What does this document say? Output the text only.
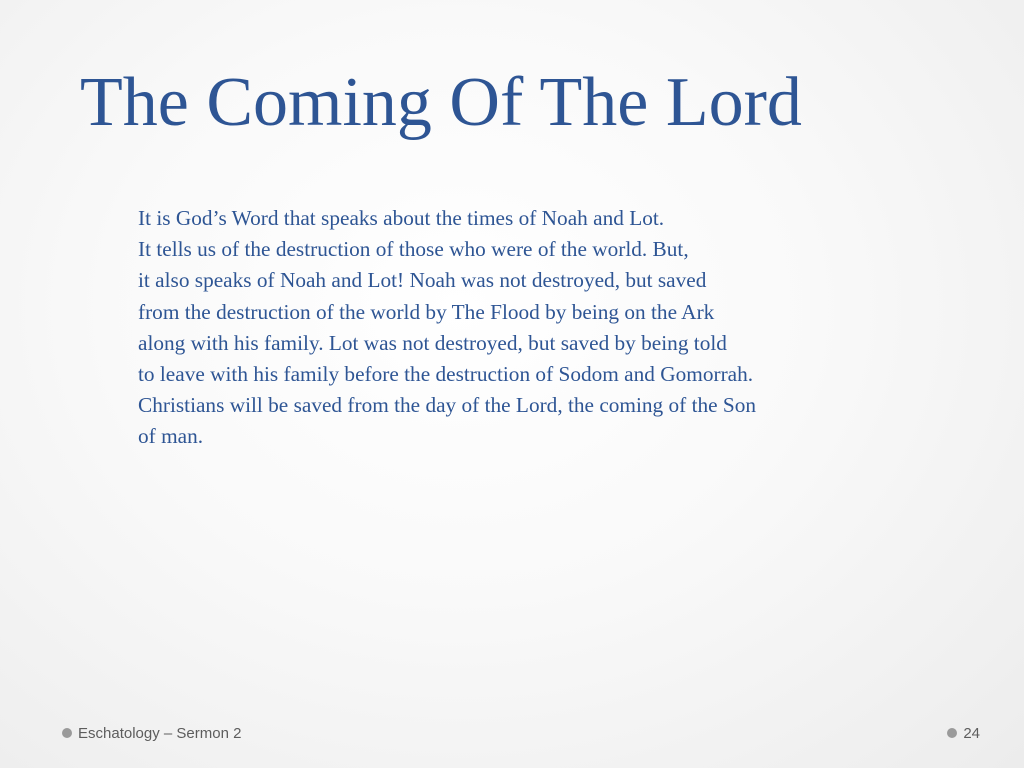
The Coming Of The Lord
It is God’s Word that speaks about the times of Noah and Lot.
It tells us of the destruction of those who were of the world. But,
it also speaks of Noah and Lot! Noah was not destroyed, but saved
from the destruction of the world by The Flood by being on the Ark
along with his family. Lot was not destroyed, but saved by being told
to leave with his family before the destruction of Sodom and Gomorrah.
Christians will be saved from the day of the Lord, the coming of the Son
of man.
Eschatology – Sermon 2	24
